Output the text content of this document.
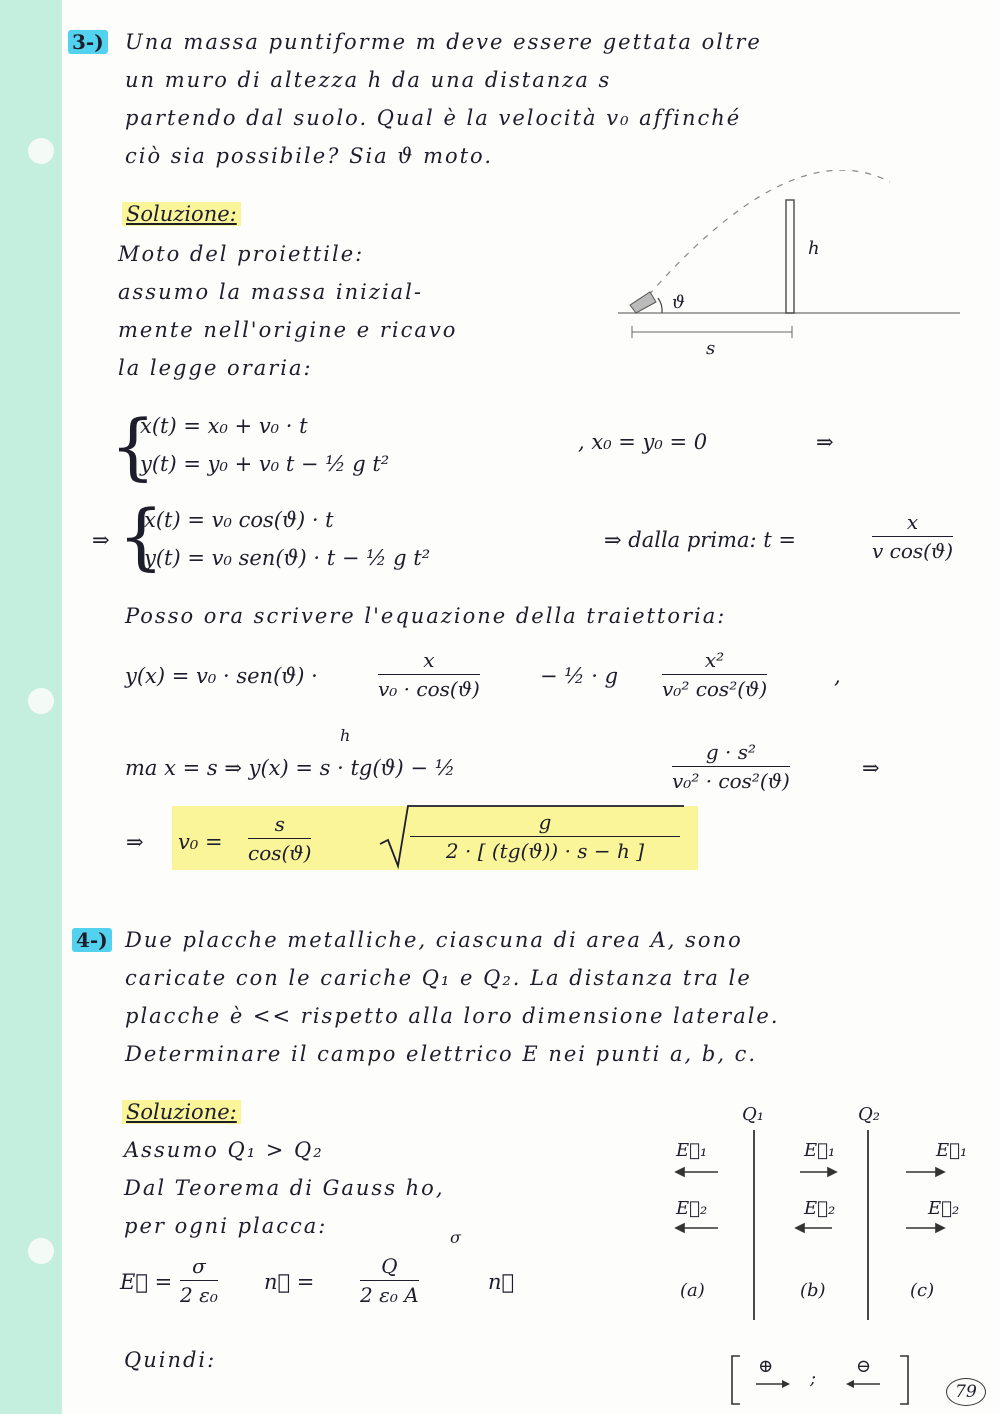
3-) Una massa puntiforme m deve essere gettata oltre
un muro di altezza h da una distanza s
partendo dal suolo. Qual è la velocità v₀ affinché
ciò sia possibile? Sia ϑ moto.
Soluzione:
Moto del proiettile:
assumo la massa inizial-
mente nell'origine e ricavo
la legge oraria:
h
s
ϑ
{
x(t) = x₀ + v₀ · t
y(t) = y₀ + v₀ t − ½ g t²
, x₀ = y₀ = 0	⇒
⇒ {
x(t) = v₀ cos(ϑ) · t
y(t) = v₀ sen(ϑ) · t − ½ g t²
⇒ dalla prima: t =	$\frac{x}{\text{v cos(ϑ)}}$
Posso ora scrivere l'equazione della traiettoria:
y(x) = v₀ · sen(ϑ) ·	$\frac{x}{\text{v₀ · cos(ϑ)}}$	− ½ · g $\frac{\text{x²}}{\text{v₀² cos²(ϑ)}}$	,
h
ma x = s ⇒ y(x) = s · tg(ϑ) − ½	$\frac{\text{g · s²}}{\text{v₀² · cos²(ϑ)}}$	⇒
⇒ $v_0 = \frac{s}{\cos(ϑ)}$	$\frac{g}{2 \cdot [ (tg(ϑ)) \cdot s - h ]}$
4-) Due placche metalliche, ciascuna di area A, sono
caricate con le cariche Q₁ e Q₂. La distanza tra le
placche è << rispetto alla loro dimensione laterale.
Determinare il campo elettrico E nei punti a, b, c.
Soluzione:
Assumo Q₁ > Q₂
Dal Teorema di Gauss ho,
per ogni placca:
E⃗ = $\frac{\sigma}{\text{2 ε₀}}$ n⃗ =
σ
$\frac{Q}{\text{2 ε₀ A}}$	n⃗
Quindi:
Q₁	Q₂
E⃗₁
E⃗₂
E⃗₁
E⃗₂
E⃗₁
E⃗₂
(a)	(b)	(c)
⊕
;
⊖
79
